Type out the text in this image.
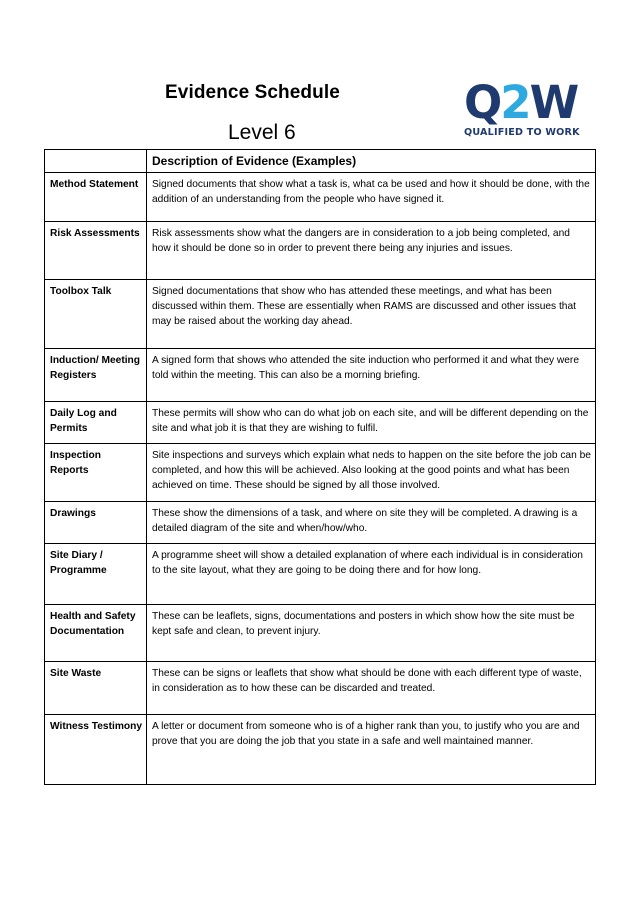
Evidence Schedule
Level 6
Q 2 W
QUALIFIED TO WORK
	Description of Evidence (Examples)
Method Statement	Signed documents that show what a task is, what ca be used and how it should be done, with the addition of an understanding from the people who have signed it.
Risk Assessments	Risk assessments show what the dangers are in consideration to a job being completed, and how it should be done so in order to prevent there being any injuries and issues.
Toolbox Talk	Signed documentations that show who has attended these meetings, and what has been discussed within them. These are essentially when RAMS are discussed and other issues that may be raised about the working day ahead.
Induction/ Meeting Registers	A signed form that shows who attended the site induction who performed it and what they were told within the meeting. This can also be a morning briefing.
Daily Log and Permits	These permits will show who can do what job on each site, and will be different depending on the site and what job it is that they are wishing to fulfil.
Inspection Reports	Site inspections and surveys which explain what neds to happen on the site before the job can be completed, and how this will be achieved. Also looking at the good points and what has been achieved on time. These should be signed by all those involved.
Drawings	These show the dimensions of a task, and where on site they will be completed. A drawing is a detailed diagram of the site and when/how/who.
Site Diary / Programme	A programme sheet will show a detailed explanation of where each individual is in consideration to the site layout, what they are going to be doing there and for how long.
Health and Safety Documentation	These can be leaflets, signs, documentations and posters in which show how the site must be kept safe and clean, to prevent injury.
Site Waste	These can be signs or leaflets that show what should be done with each different type of waste, in consideration as to how these can be discarded and treated.
Witness Testimony	A letter or document from someone who is of a higher rank than you, to justify who you are and prove that you are doing the job that you state in a safe and well maintained manner.
